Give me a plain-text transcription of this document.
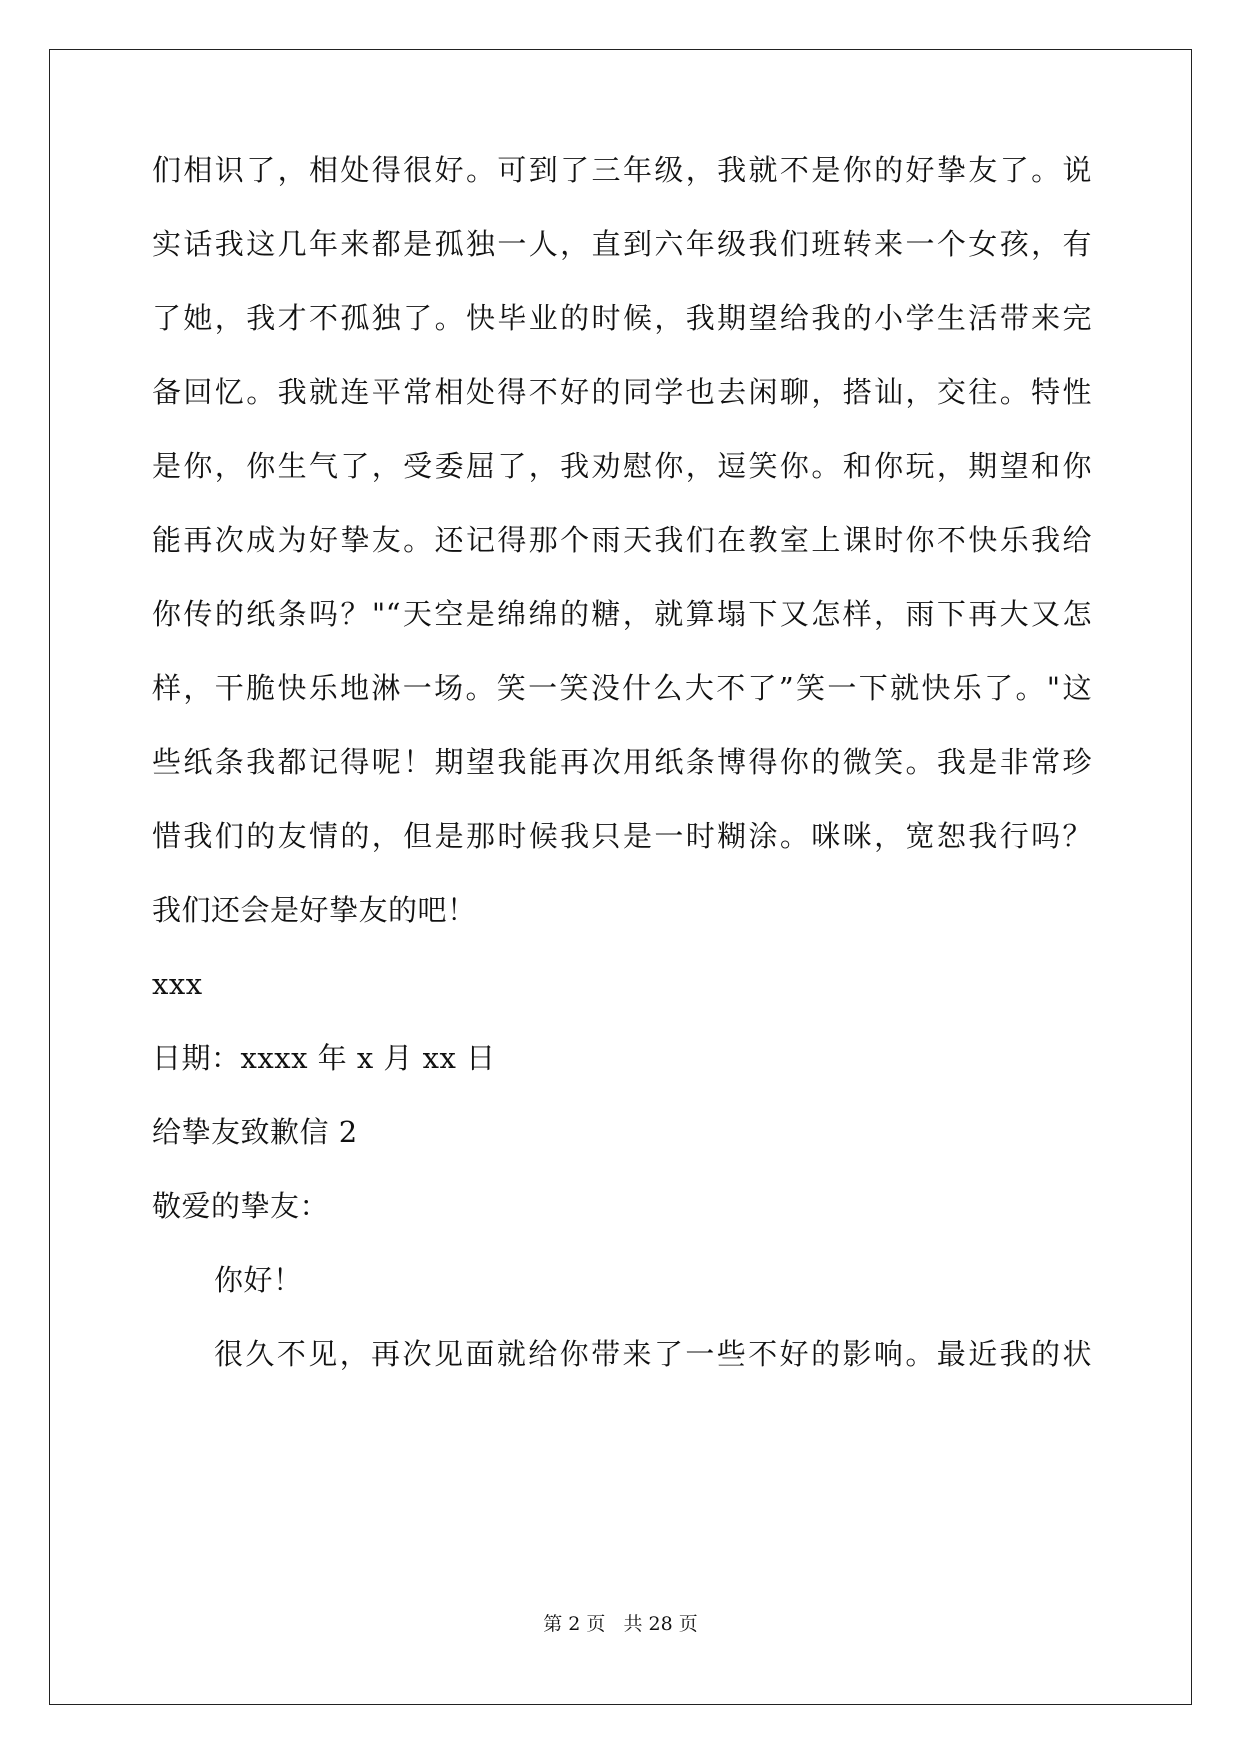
们相识了，相处得很好。可到了三年级，我就不是你的好挚友了。说
实话我这几年来都是孤独一人，直到六年级我们班转来一个女孩，有
了她，我才不孤独了。快毕业的时候，我期望给我的小学生活带来完
备回忆。我就连平常相处得不好的同学也去闲聊，搭讪，交往。特性
是你，你生气了，受委屈了，我劝慰你，逗笑你。和你玩，期望和你
能再次成为好挚友。还记得那个雨天我们在教室上课时你不快乐我给
你传的纸条吗？"“天空是绵绵的糖，就算塌下又怎样，雨下再大又怎
样，干脆快乐地淋一场。笑一笑没什么大不了”笑一下就快乐了。"这
些纸条我都记得呢！期望我能再次用纸条博得你的微笑。我是非常珍
惜我们的友情的，但是那时候我只是一时糊涂。咪咪，宽恕我行吗？
我们还会是好挚友的吧！
xxx
日期：xxxx 年 x 月 xx 日
给挚友致歉信 2
敬爱的挚友：
你好！
很久不见，再次见面就给你带来了一些不好的影响。最近我的状
第 2 页   共 28 页
